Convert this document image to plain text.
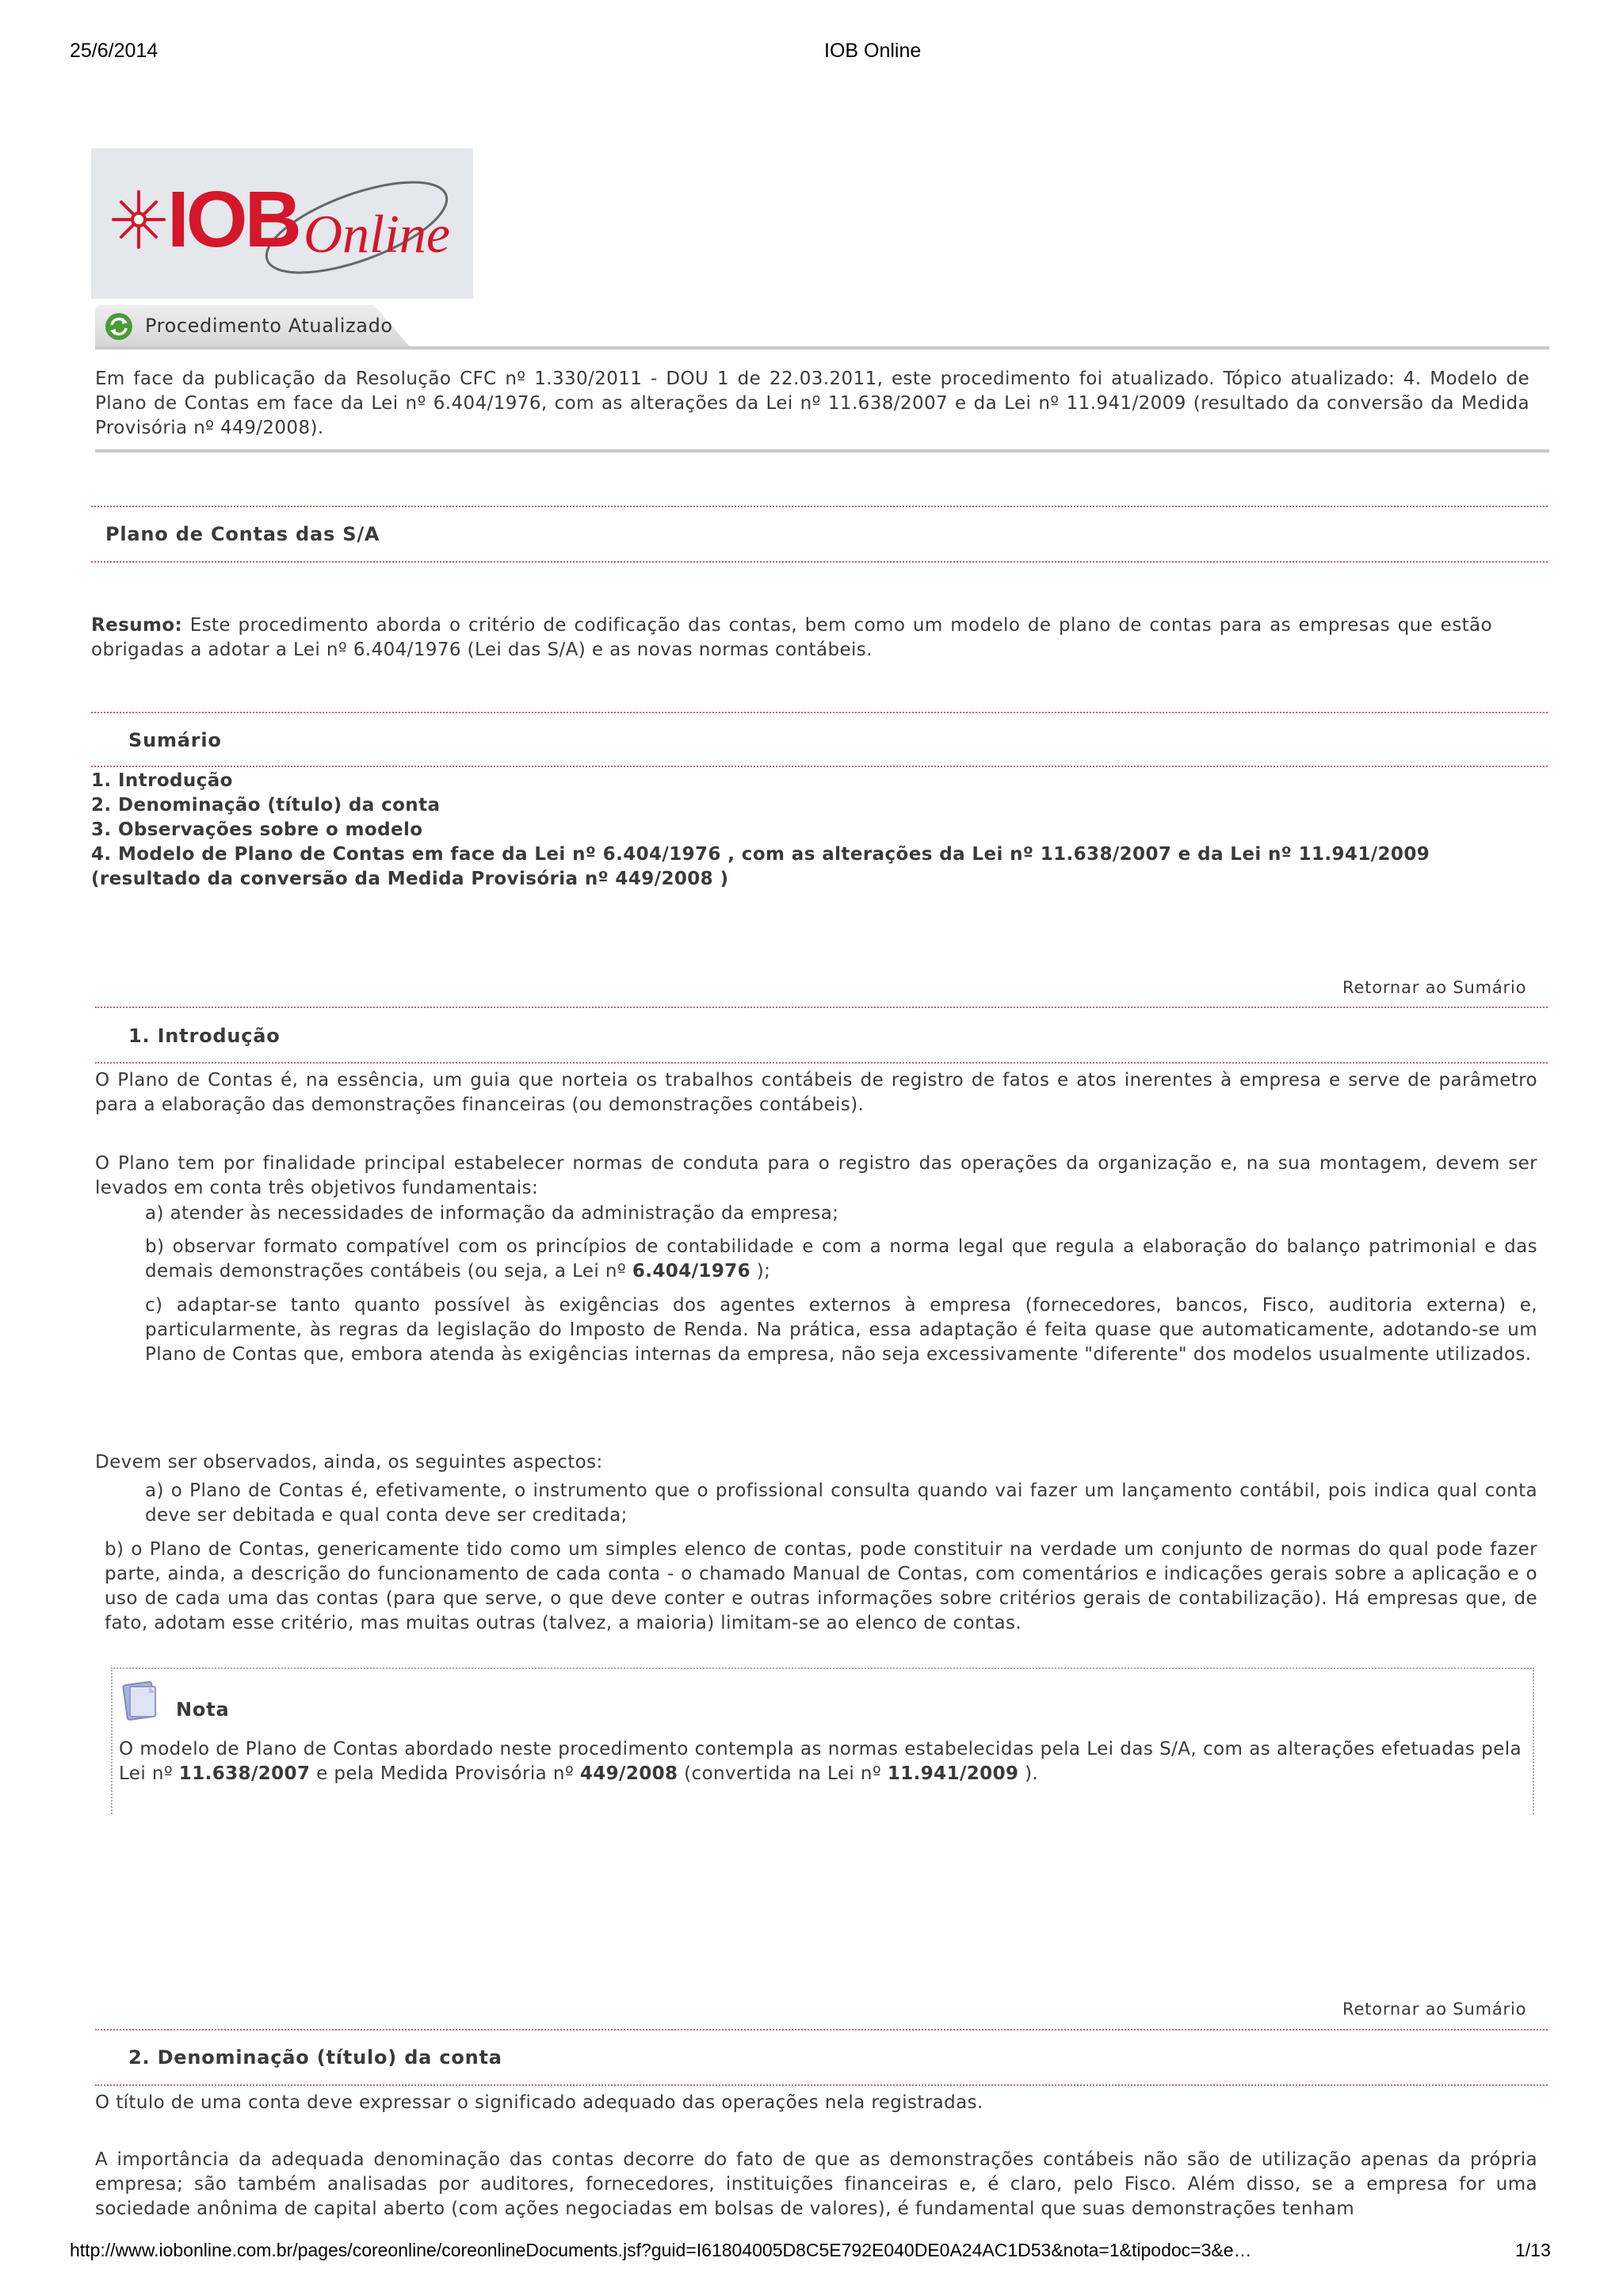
25/6/2014	IOB Online
IOB Online
Procedimento Atualizado
Em face da publicação da Resolução CFC nº 1.330/2011 - DOU 1 de 22.03.2011, este procedimento foi atualizado. Tópico atualizado: 4. Modelo de Plano de Contas em face da Lei nº 6.404/1976, com as alterações da Lei nº 11.638/2007 e da Lei nº 11.941/2009 (resultado da conversão da Medida Provisória nº 449/2008).
Plano de Contas das S/A
Resumo: Este procedimento aborda o critério de codificação das contas, bem como um modelo de plano de contas para as empresas que estão obrigadas a adotar a Lei nº 6.404/1976 (Lei das S/A) e as novas normas contábeis.
Sumário
1. Introdução
2. Denominação (título) da conta
3. Observações sobre o modelo
4. Modelo de Plano de Contas em face da Lei nº 6.404/1976 , com as alterações da Lei nº 11.638/2007 e da Lei nº 11.941/2009 (resultado da conversão da Medida Provisória nº 449/2008 )
Retornar ao Sumário
1. Introdução
O Plano de Contas é, na essência, um guia que norteia os trabalhos contábeis de registro de fatos e atos inerentes à empresa e serve de parâmetro para a elaboração das demonstrações financeiras (ou demonstrações contábeis).
O Plano tem por finalidade principal estabelecer normas de conduta para o registro das operações da organização e, na sua montagem, devem ser levados em conta três objetivos fundamentais:
a) atender às necessidades de informação da administração da empresa;
b) observar formato compatível com os princípios de contabilidade e com a norma legal que regula a elaboração do balanço patrimonial e das demais demonstrações contábeis (ou seja, a Lei nº 6.404/1976 );
c) adaptar-se tanto quanto possível às exigências dos agentes externos à empresa (fornecedores, bancos, Fisco, auditoria externa) e, particularmente, às regras da legislação do Imposto de Renda. Na prática, essa adaptação é feita quase que automaticamente, adotando-se um Plano de Contas que, embora atenda às exigências internas da empresa, não seja excessivamente "diferente" dos modelos usualmente utilizados.
Devem ser observados, ainda, os seguintes aspectos:
a) o Plano de Contas é, efetivamente, o instrumento que o profissional consulta quando vai fazer um lançamento contábil, pois indica qual conta deve ser debitada e qual conta deve ser creditada;
b) o Plano de Contas, genericamente tido como um simples elenco de contas, pode constituir na verdade um conjunto de normas do qual pode fazer parte, ainda, a descrição do funcionamento de cada conta - o chamado Manual de Contas, com comentários e indicações gerais sobre a aplicação e o uso de cada uma das contas (para que serve, o que deve conter e outras informações sobre critérios gerais de contabilização). Há empresas que, de fato, adotam esse critério, mas muitas outras (talvez, a maioria) limitam-se ao elenco de contas.
Nota
O modelo de Plano de Contas abordado neste procedimento contempla as normas estabelecidas pela Lei das S/A, com as alterações efetuadas pela Lei nº 11.638/2007 e pela Medida Provisória nº 449/2008 (convertida na Lei nº 11.941/2009 ).
Retornar ao Sumário
2. Denominação (título) da conta
O título de uma conta deve expressar o significado adequado das operações nela registradas.
A importância da adequada denominação das contas decorre do fato de que as demonstrações contábeis não são de utilização apenas da própria empresa; são também analisadas por auditores, fornecedores, instituições financeiras e, é claro, pelo Fisco. Além disso, se a empresa for uma sociedade anônima de capital aberto (com ações negociadas em bolsas de valores), é fundamental que suas demonstrações tenham
http://www.iobonline.com.br/pages/coreonline/coreonlineDocuments.jsf?guid=I61804005D8C5E792E040DE0A24AC1D53&nota=1&tipodoc=3&e…	1/13
